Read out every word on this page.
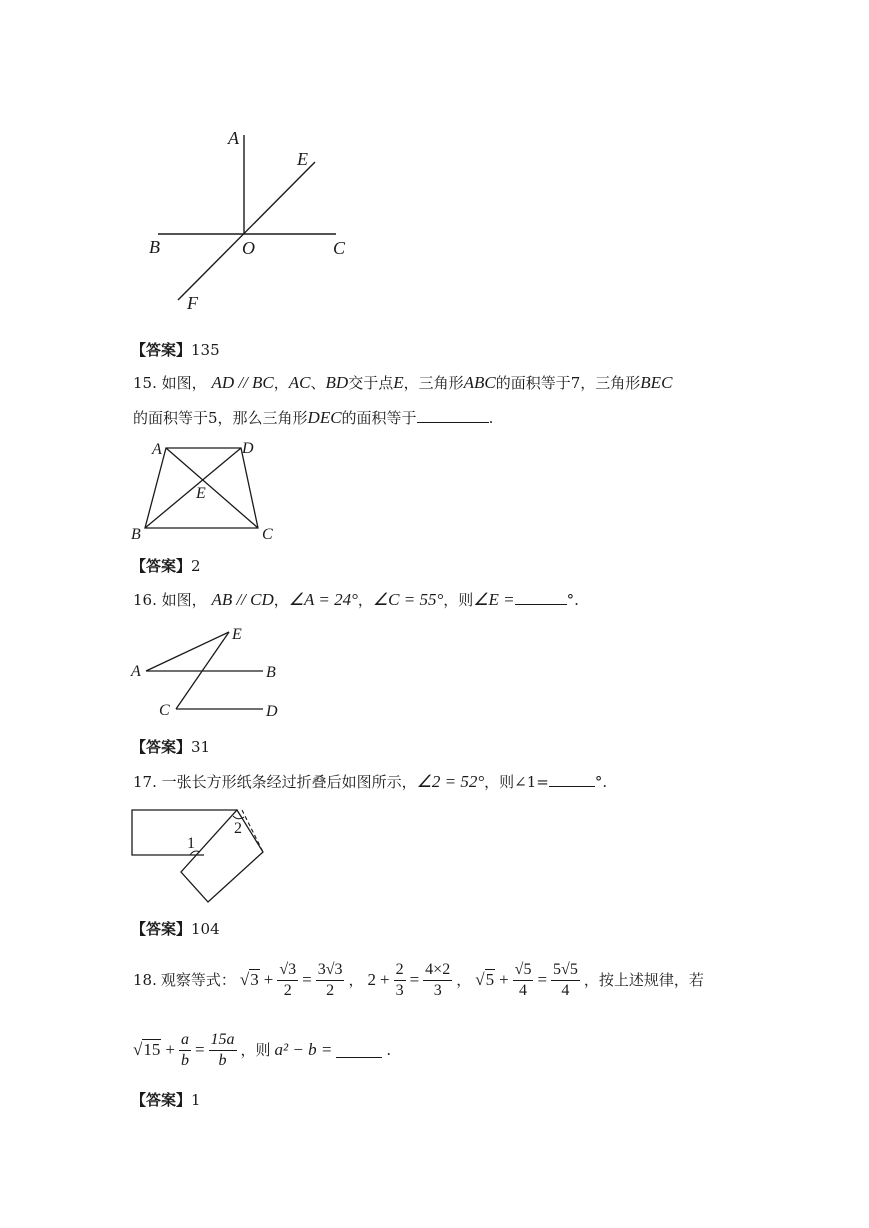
A
E
B	O	C
F
【答案】135
15. 如图， AD // BC，AC、BD交于点E，三角形ABC的面积等于7，三角形BEC
的面积等于5，那么三角形DEC的面积等于	.
A	D
E
B	C
【答案】2
16. 如图， AB // CD，∠A = 24°，∠C = 55°，则∠E =	°.
E
A	B
C	D
【答案】31
17. 一张长方形纸条经过折叠后如图所示，∠2 = 52°，则∠1=	°.
1
2
【答案】104
18. 观察等式： $√3 + \frac{√3}{2} = \frac{3√3}{2}$ ， $2 + \frac{2}{3} = \frac{4\times 2}{3}$ ， $√5 + \frac{√5}{4} = \frac{5√5}{4}$ ，按上述规律，若
$√15 + \frac{a}{b} = \frac{15a}{b}$ ，则 a² − b =	.
【答案】1
